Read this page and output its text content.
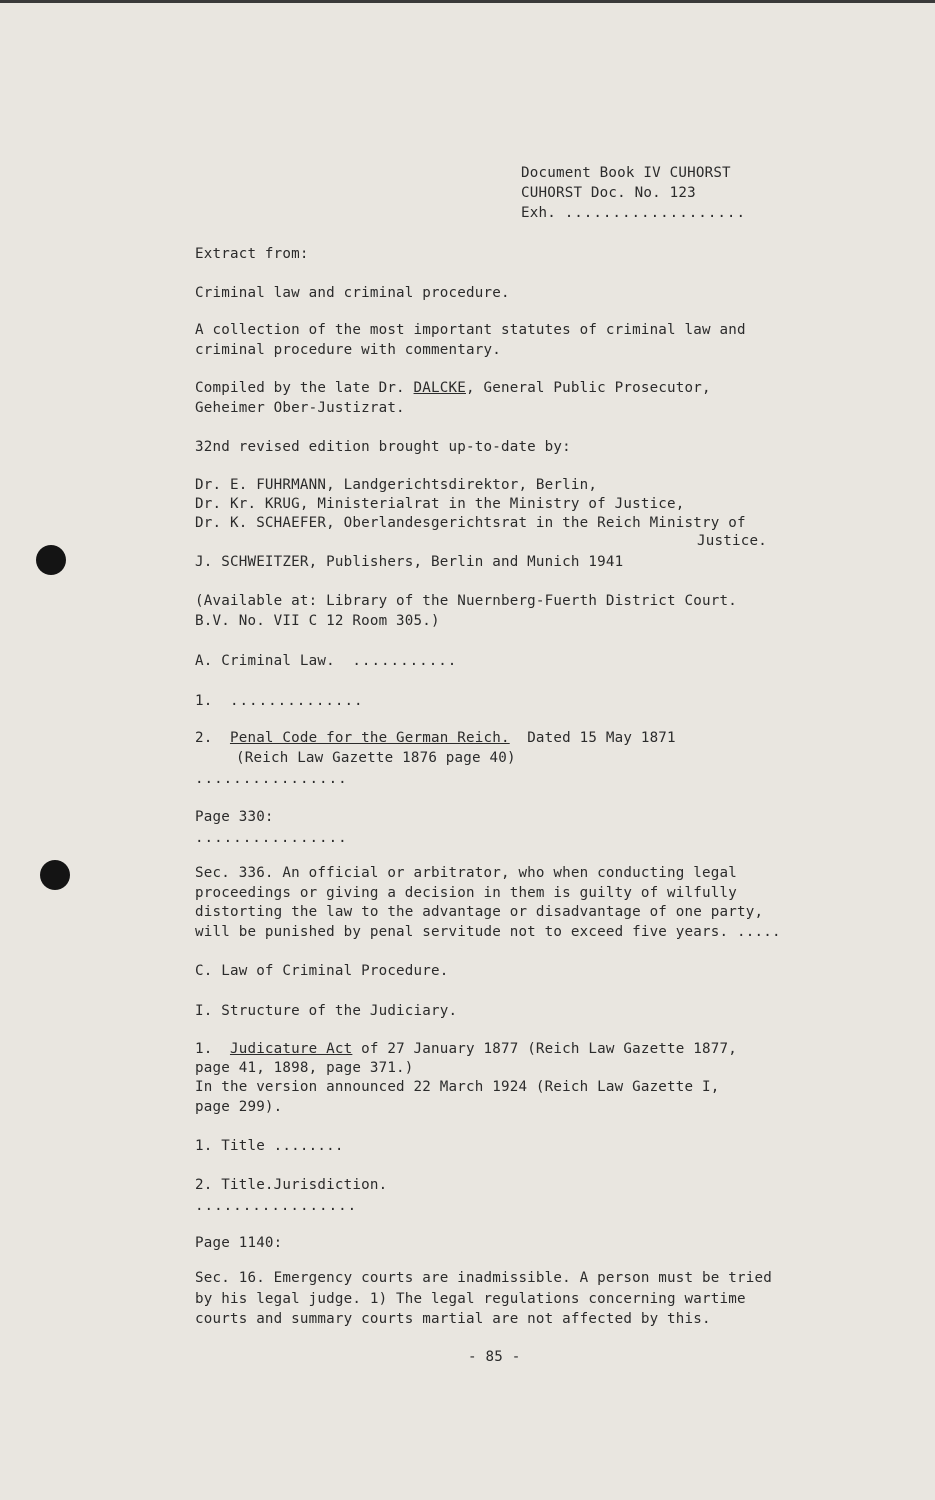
Document Book IV CUHORST

CUHORST Doc. No. 123

Exh. ...................

Extract from:

Criminal law and criminal procedure.

A collection of the most important statutes of criminal law and

criminal procedure with commentary.

Compiled by the late Dr. DALCKE, General Public Prosecutor,

Geheimer Ober-Justizrat.

32nd revised edition brought up-to-date by:

Dr. E. FUHRMANN, Landgerichtsdirektor, Berlin,

Dr. Kr. KRUG, Ministerialrat in the Ministry of Justice,

Dr. K. SCHAEFER, Oberlandesgerichtsrat in the Reich Ministry of

Justice.

J. SCHWEITZER, Publishers, Berlin and Munich 1941

(Available at: Library of the Nuernberg-Fuerth District Court.

B.V. No. VII C 12 Room 305.)

A. Criminal Law. ...........

1. ..............

2. Penal Code for the German Reich. Dated 15 May 1871

(Reich Law Gazette 1876 page 40)

................

Page 330:

................

Sec. 336. An official or arbitrator, who when conducting legal

proceedings or giving a decision in them is guilty of wilfully

distorting the law to the advantage or disadvantage of one party,

will be punished by penal servitude not to exceed five years. .....

C. Law of Criminal Procedure.

I. Structure of the Judiciary.

1. Judicature Act of 27 January 1877 (Reich Law Gazette 1877,

page 41, 1898, page 371.)

In the version announced 22 March 1924 (Reich Law Gazette I,

page 299).

1. Title ........

2. Title.Jurisdiction.

.................

Page 1140:

Sec. 16. Emergency courts are inadmissible. A person must be tried

by his legal judge. 1) The legal regulations concerning wartime

courts and summary courts martial are not affected by this.

- 85 -
